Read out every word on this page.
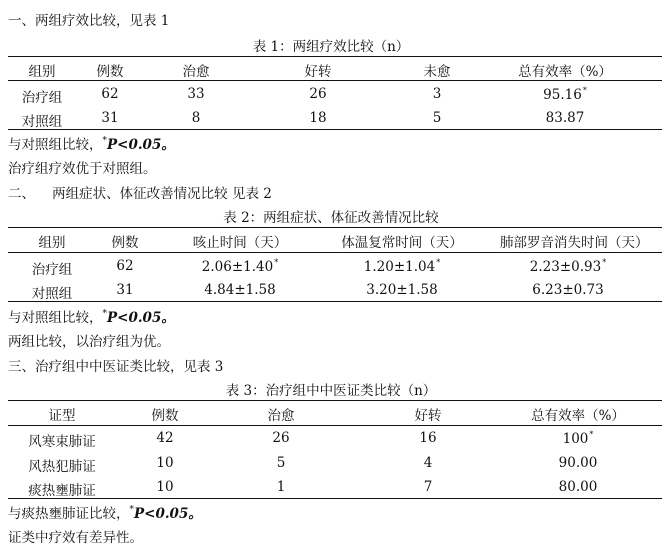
一、两组疗效比较，见表 1
表 1：两组疗效比较（n）
组别	例数	治愈	好转	未愈	总有效率（%）
治疗组	62	33	26	3	95.16*
对照组	31	8	18	5	83.87
与对照组比较，*P<0.05。
治疗组疗效优于对照组。
二、    两组症状、体征改善情况比较 见表 2
表 2：两组症状、体征改善情况比较
组别	例数	咳止时间（天）	体温复常时间（天）	肺部罗音消失时间（天）
治疗组	62	2.06±1.40*	1.20±1.04*	2.23±0.93*
对照组	31	4.84±1.58	3.20±1.58	6.23±0.73
与对照组比较，*P<0.05。
两组比较，以治疗组为优。
三、治疗组中中医证类比较，见表 3
表 3：治疗组中中医证类比较（n）
证型	例数	治愈	好转	总有效率（%）
风寒束肺证	42	26	16	100*
风热犯肺证	10	5	4	90.00
痰热壅肺证	10	1	7	80.00
与痰热壅肺证比较，*P<0.05。
证类中疗效有差异性。
